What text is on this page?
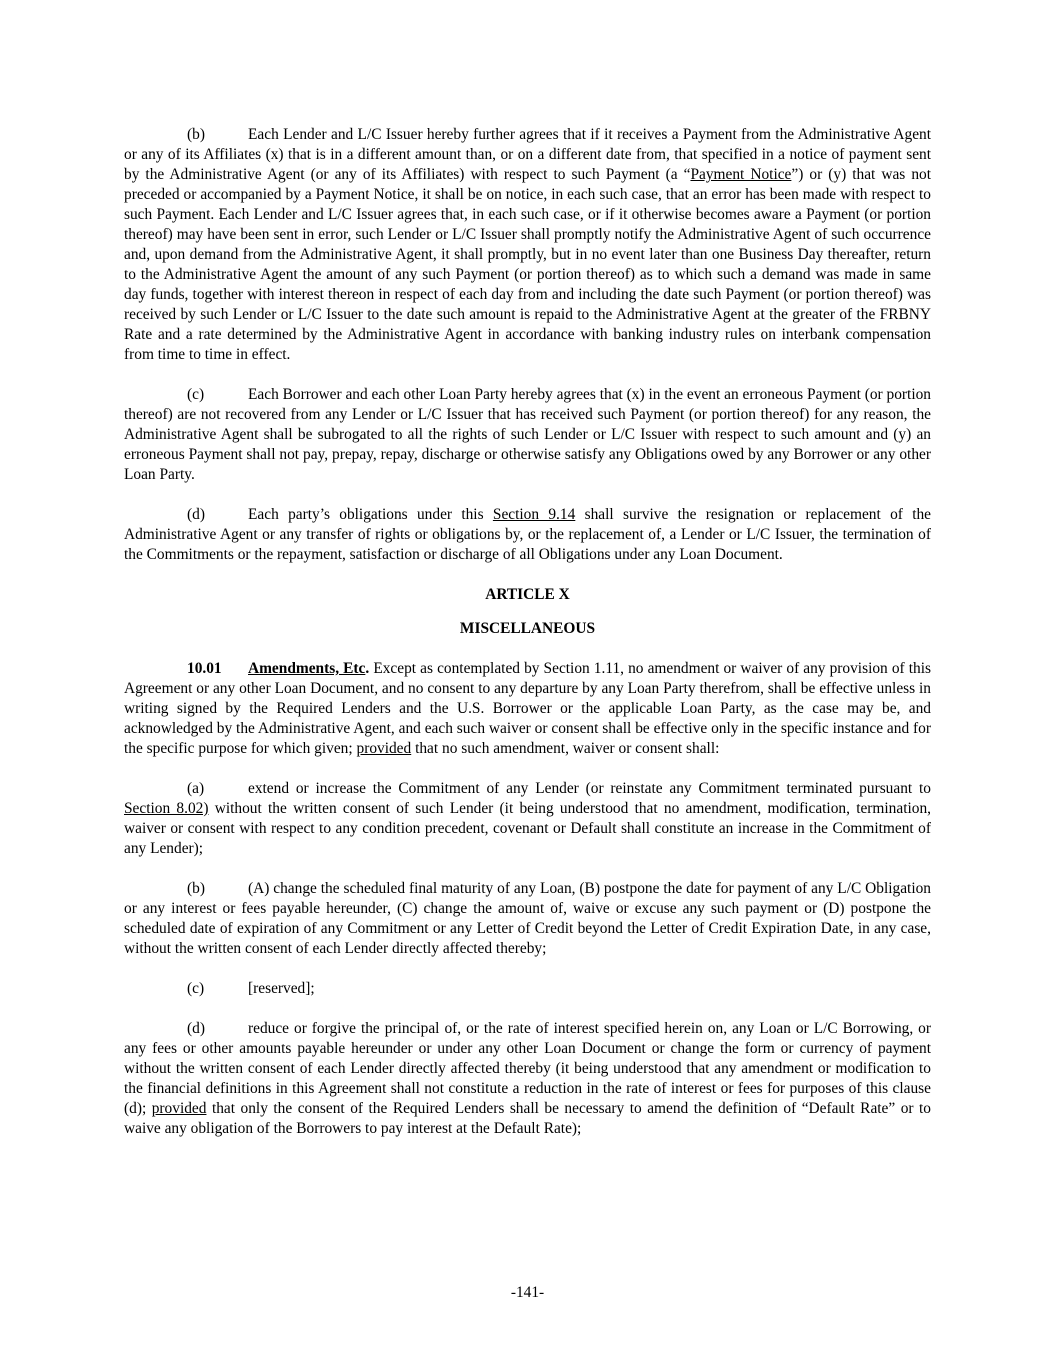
(b)	Each Lender and L/C Issuer hereby further agrees that if it receives a Payment from the Administrative Agent or any of its Affiliates (x) that is in a different amount than, or on a different date from, that specified in a notice of payment sent by the Administrative Agent (or any of its Affiliates) with respect to such Payment (a “Payment Notice”) or (y) that was not preceded or accompanied by a Payment Notice, it shall be on notice, in each such case, that an error has been made with respect to such Payment. Each Lender and L/C Issuer agrees that, in each such case, or if it otherwise becomes aware a Payment (or portion thereof) may have been sent in error, such Lender or L/C Issuer shall promptly notify the Administrative Agent of such occurrence and, upon demand from the Administrative Agent, it shall promptly, but in no event later than one Business Day thereafter, return to the Administrative Agent the amount of any such Payment (or portion thereof) as to which such a demand was made in same day funds, together with interest thereon in respect of each day from and including the date such Payment (or portion thereof) was received by such Lender or L/C Issuer to the date such amount is repaid to the Administrative Agent at the greater of the FRBNY Rate and a rate determined by the Administrative Agent in accordance with banking industry rules on interbank compensation from time to time in effect.

(c)	Each Borrower and each other Loan Party hereby agrees that (x) in the event an erroneous Payment (or portion thereof) are not recovered from any Lender or L/C Issuer that has received such Payment (or portion thereof) for any reason, the Administrative Agent shall be subrogated to all the rights of such Lender or L/C Issuer with respect to such amount and (y) an erroneous Payment shall not pay, prepay, repay, discharge or otherwise satisfy any Obligations owed by any Borrower or any other Loan Party.

(d)	Each party’s obligations under this Section 9.14 shall survive the resignation or replacement of the Administrative Agent or any transfer of rights or obligations by, or the replacement of, a Lender or L/C Issuer, the termination of the Commitments or the repayment, satisfaction or discharge of all Obligations under any Loan Document.

ARTICLE X

MISCELLANEOUS

10.01 Amendments, Etc. Except as contemplated by Section 1.11, no amendment or waiver of any provision of this Agreement or any other Loan Document, and no consent to any departure by any Loan Party therefrom, shall be effective unless in writing signed by the Required Lenders and the U.S. Borrower or the applicable Loan Party, as the case may be, and acknowledged by the Administrative Agent, and each such waiver or consent shall be effective only in the specific instance and for the specific purpose for which given; provided that no such amendment, waiver or consent shall:

(a)	extend or increase the Commitment of any Lender (or reinstate any Commitment terminated pursuant to Section 8.02) without the written consent of such Lender (it being understood that no amendment, modification, termination, waiver or consent with respect to any condition precedent, covenant or Default shall constitute an increase in the Commitment of any Lender);

(b)	(A) change the scheduled final maturity of any Loan, (B) postpone the date for payment of any L/C Obligation or any interest or fees payable hereunder, (C) change the amount of, waive or excuse any such payment or (D) postpone the scheduled date of expiration of any Commitment or any Letter of Credit beyond the Letter of Credit Expiration Date, in any case, without the written consent of each Lender directly affected thereby;

(c)	[reserved];

(d)	reduce or forgive the principal of, or the rate of interest specified herein on, any Loan or L/C Borrowing, or any fees or other amounts payable hereunder or under any other Loan Document or change the form or currency of payment without the written consent of each Lender directly affected thereby (it being understood that any amendment or modification to the financial definitions in this Agreement shall not constitute a reduction in the rate of interest or fees for purposes of this clause (d); provided that only the consent of the Required Lenders shall be necessary to amend the definition of “Default Rate” or to waive any obligation of the Borrowers to pay interest at the Default Rate);

-141-
